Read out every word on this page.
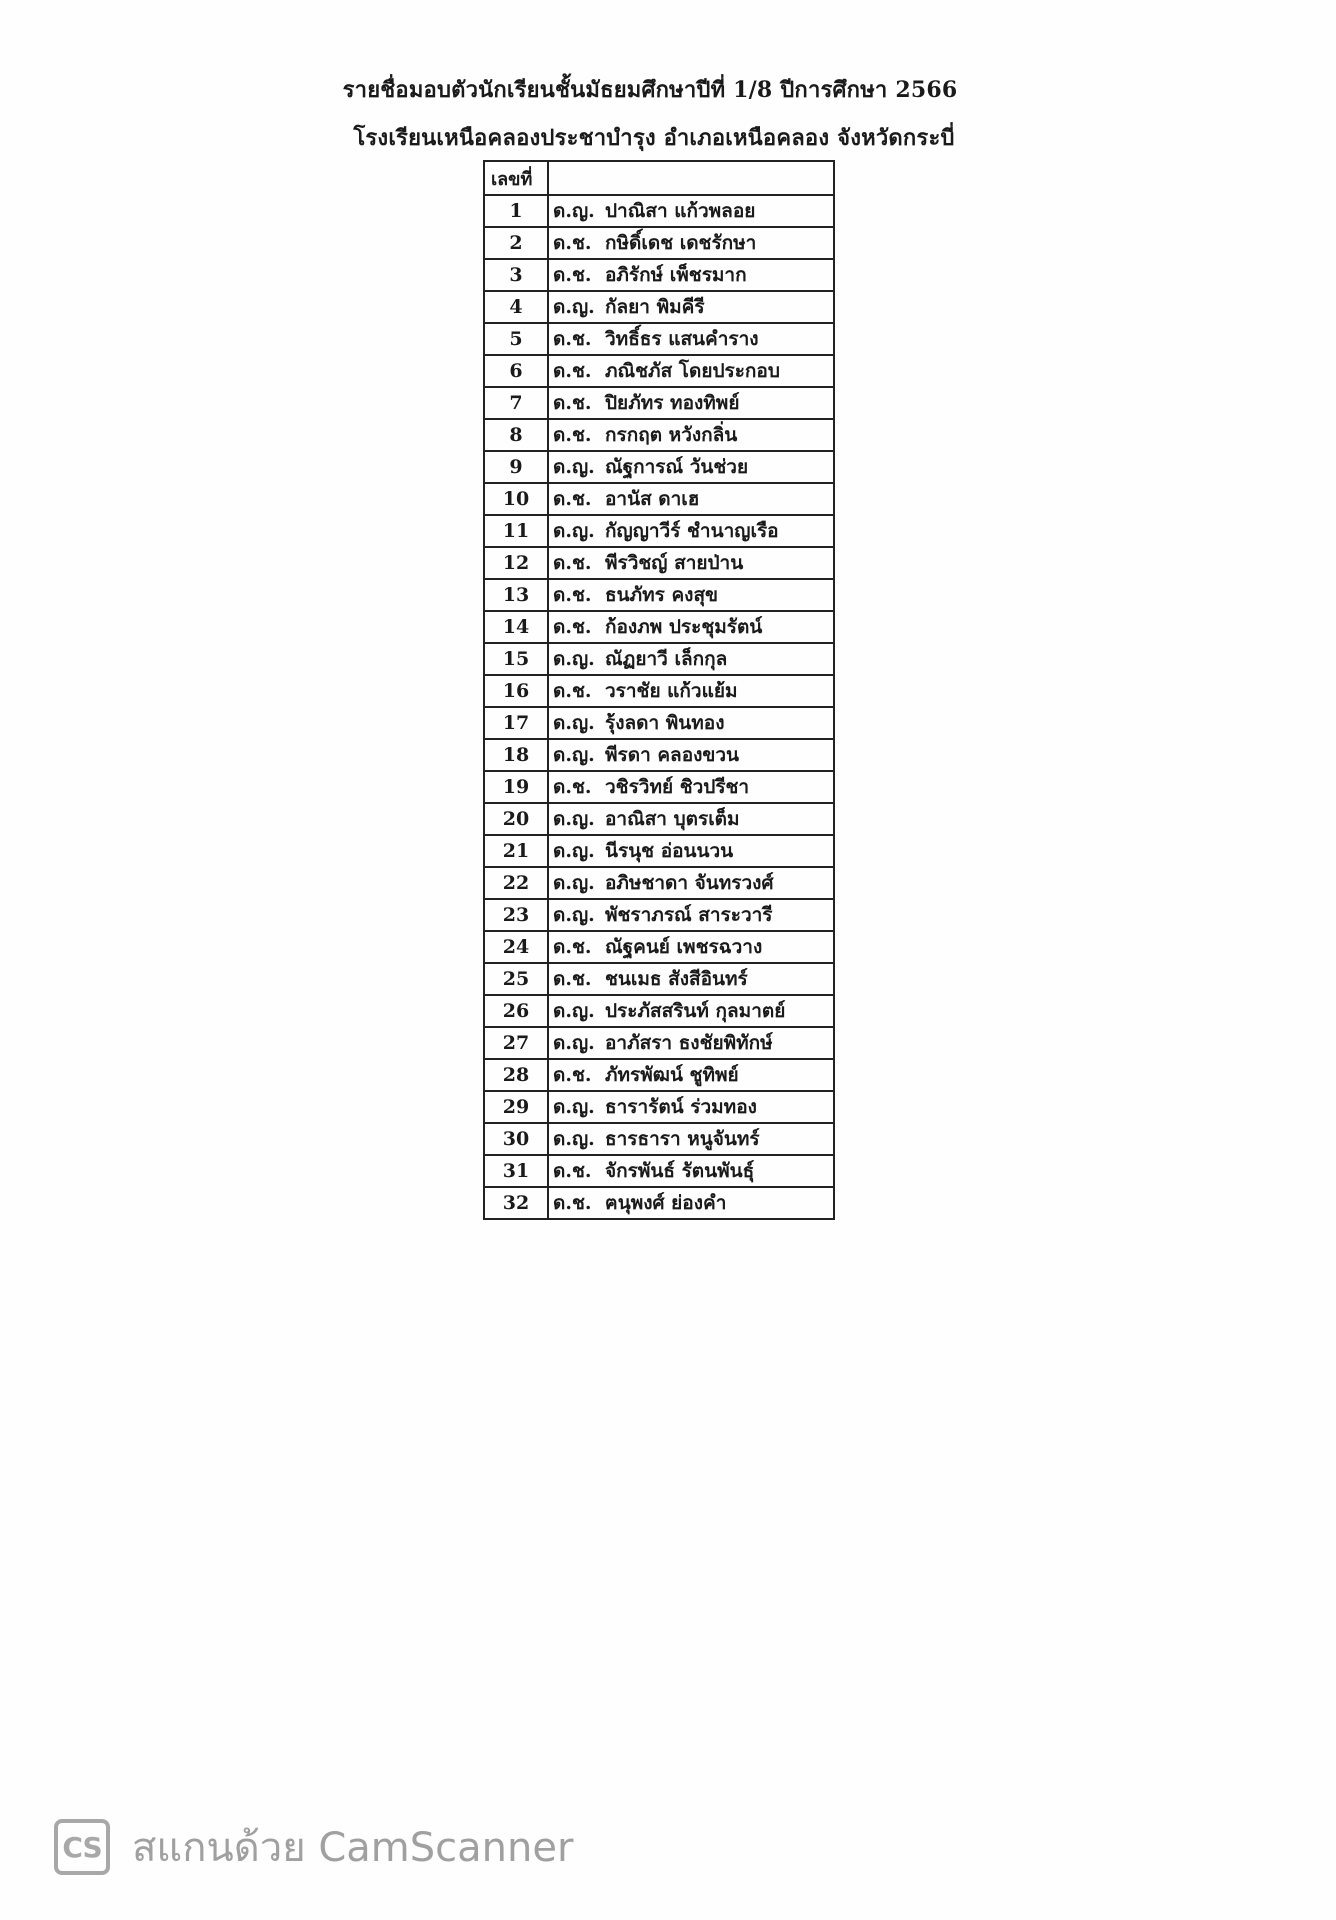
รายชื่อมอบตัวนักเรียนชั้นมัธยมศึกษาปีที่ 1/8 ปีการศึกษา 2566
โรงเรียนเหนือคลองประชาบำรุง อำเภอเหนือคลอง จังหวัดกระบี่
เลขที่	
1	ด.ญ. ปาณิสา แก้วพลอย
2	ด.ช. กษิดิ์เดช เดชรักษา
3	ด.ช. อภิรักษ์ เพ็ชรมาก
4	ด.ญ. กัลยา พิมคีรี
5	ด.ช. วิทธิ์ธร แสนคำราง
6	ด.ช. ภณิชภัส โดยประกอบ
7	ด.ช. ปิยภัทร ทองทิพย์
8	ด.ช. กรกฤต หวังกลิ่น
9	ด.ญ. ณัฐการณ์ วันช่วย
10	ด.ช. อานัส ดาเฮ
11	ด.ญ. กัญญาวีร์ ชำนาญเรือ
12	ด.ช. พีรวิชญ์ สายป่าน
13	ด.ช. ธนภัทร คงสุข
14	ด.ช. ก้องภพ ประชุมรัตน์
15	ด.ญ. ณัฏยาวี เล็กกุล
16	ด.ช. วราชัย แก้วแย้ม
17	ด.ญ. รุ้งลดา พินทอง
18	ด.ญ. พีรดา คลองขวน
19	ด.ช. วชิรวิทย์ ชิวปรีชา
20	ด.ญ. อาณิสา บุตรเต็ม
21	ด.ญ. นีรนุช อ่อนนวน
22	ด.ญ. อภิษชาดา จันทรวงศ์
23	ด.ญ. พัชราภรณ์ สาระวารี
24	ด.ช. ณัฐคนย์ เพชรฉวาง
25	ด.ช. ชนเมธ สังสีอินทร์
26	ด.ญ. ประภัสสรินท์ กุลมาตย์
27	ด.ญ. อาภัสรา ธงชัยพิทักษ์
28	ด.ช. ภัทรพัฒน์ ชูทิพย์
29	ด.ญ. ธารารัตน์ ร่วมทอง
30	ด.ญ. ธารธารา หนูจันทร์
31	ด.ช. จักรพันธ์ รัตนพันธุ์
32	ด.ช. ฅนุพงศ์ ย่องคำ
CS สแกนด้วย CamScanner
